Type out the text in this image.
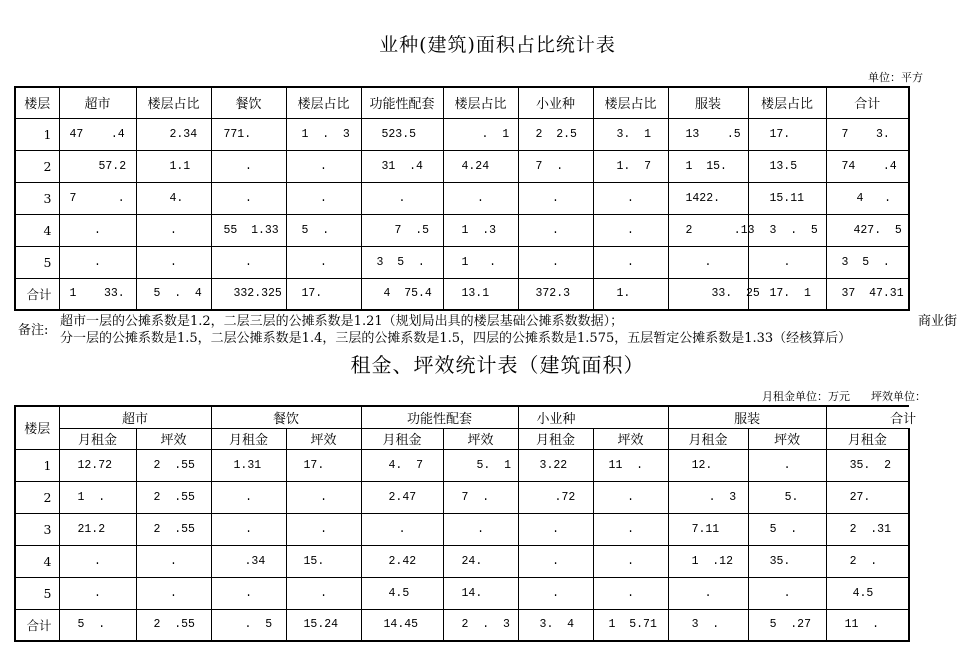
业种(建筑)面积占比统计表
单位：平方
楼层	超市	楼层占比	餐饮	楼层占比	功能性配套	楼层占比	小业种	楼层占比	服装	楼层占比	合计
1	47    .4	2.34	771.	1  .  3	523.5	.  1	2  2.5	3.  1	13    .5	17.	7    3.
2	57.2	1.1	.	.	31  .4	4.24	7  .	1.  7	1  15.	13.5	74    .4
3	7      .	4.	.	.	.	.	.	.	1422.	15.11	4   .
4	.	.	55  1.33	5  .	7  .5	1  .3	.	.	2      .13	3  .  5	427.  5
5	.	.	.	.	3  5  .	1   .	.	.	.	.	3  5  .
合计	1    33.	5  .  4	332.325	17.	4  75.4	13.1	372.3	1.	33.  25	17.  1	37  47.31
备注:
超市一层的公摊系数是1.2，二层三层的公摊系数是1.21（规划局出具的楼层基础公摊系数数据）；	商业街
分一层的公摊系数是1.5，二层公摊系数是1.4，三层的公摊系数是1.5，四层的公摊系数是1.575，五层暂定公摊系数是1.33（经核算后）
租金、坪效统计表（建筑面积）
月租金单位：万元 坪效单位：
楼层	超市		餐饮		功能性配套		小业种		服装		合计
	月租金	坪效	月租金	坪效	月租金	坪效	月租金	坪效	月租金	坪效	月租金
1	12.72	2  .55	1.31	17.	4.  7	5.  1	3.22	11  .	12.	.	35.  2
2	1  .	2  .55	.	.	2.47	7  .	.72	.	.  3	5.	27.
3	21.2	2  .55	.	.	.	.	.	.	7.11	5  .	2  .31
4	.	.	.34	15.	2.42	24.	.	.	1  .12	35.	2  .
5	.	.	.	.	4.5	14.	.	.	.	.	4.5
合计	5  .	2  .55	.  5	15.24	14.45	2  .  3	3.  4	1  5.71	3  .	5  .27	11  .
